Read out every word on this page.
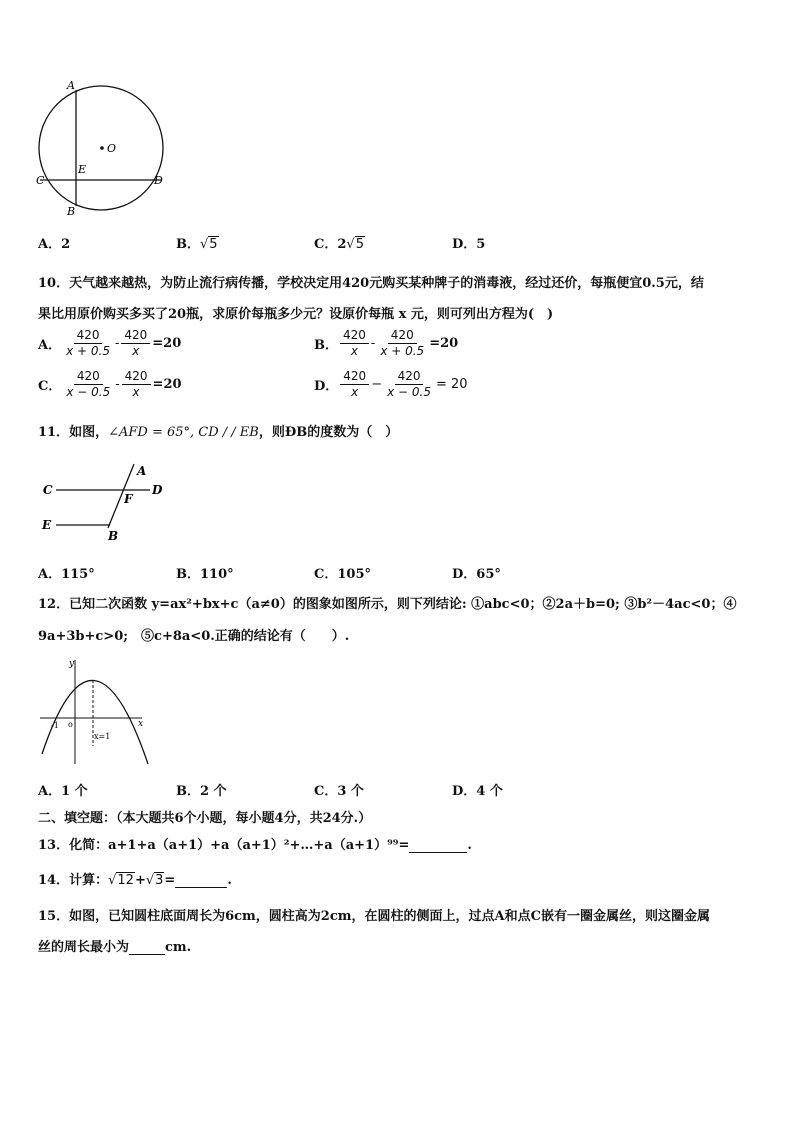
A
O
E
C	D
B
A．2	B．√5	C．2√5	D．5
10．天气越来越热，为防止流行病传播，学校决定用420元购买某种牌子的消毒液，经过还价，每瓶便宜0.5元，结
果比用原价购买多买了20瓶，求原价每瓶多少元？设原价每瓶 x 元，则可列出方程为(　)
A． $\frac{420}{x + 0.5} - \frac{420}{x} =20$	B． $\frac{420}{x} - \frac{420}{x + 0.5} =20$
C． $\frac{420}{x - 0.5} - \frac{420}{x} =20$	D． $\frac{420}{x} - \frac{420}{x - 0.5} = 20$
11．如图，∠AFD = 65°, CD / / EB，则ÐB的度数为（　）
A
C	D
F
E
B
A．115°	B．110°	C．105°	D．65°
12．已知二次函数 y=ax²+bx+c（a≠0）的图象如图所示，则下列结论: ①abc<0；②2a＋b=0; ③b²－4ac<0；④
9a+3b+c>0;　⑤c+8a<0.正确的结论有（　　）.
y
x
o
-1
x=1
A．1 个	B．2 个	C．3 个	D．4 个
二、填空题：（本大题共6个小题，每小题4分，共24分.）
13．化简：a+1+a（a+1）+a（a+1）²+…+a（a+1）⁹⁹=	.
14．计算：√12+√3=	.
15．如图，已知圆柱底面周长为6cm，圆柱高为2cm，在圆柱的侧面上，过点A和点C嵌有一圈金属丝，则这圈金属
丝的周长最小为	cm.
